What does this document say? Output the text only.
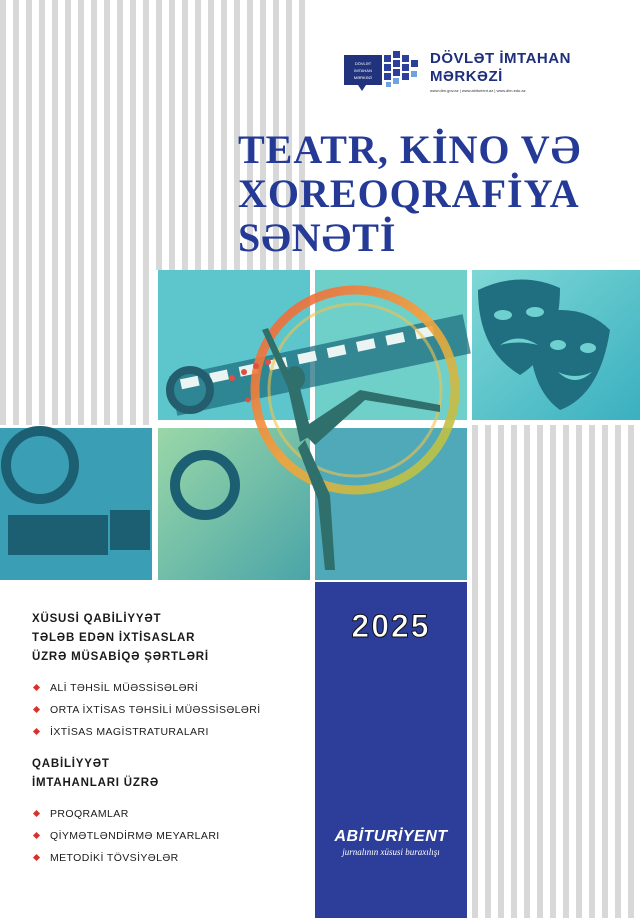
DÖVLƏT
İMTAHAN
MƏRKƏZİ
DÖVLƏT İMTAHAN
MƏRKƏZİ
www.dim.gov.az | www.abiturient.az | www.dim.edu.az
TEATR, KİNO VƏ
XOREOQRAFİYA
SƏNƏTİ
2025
ABİTURİYENT
jurnalının xüsusi buraxılışı
XÜSUSİ QABİLİYYƏT
TƏLƏB EDƏN İXTİSASLAR
ÜZRƏ MÜSABİQƏ ŞƏRTLƏRİ
ALİ TƏHSİL MÜƏSSİSƏLƏRİ
ORTA İXTİSAS TƏHSİLİ MÜƏSSİSƏLƏRİ
İXTİSAS MAGİSTRATURALARI
QABİLİYYƏT
İMTAHANLARI ÜZRƏ
PROQRAMLAR
QİYMƏTLƏNDİRMƏ MEYARLARI
METODİKİ TÖVSİYƏLƏR
